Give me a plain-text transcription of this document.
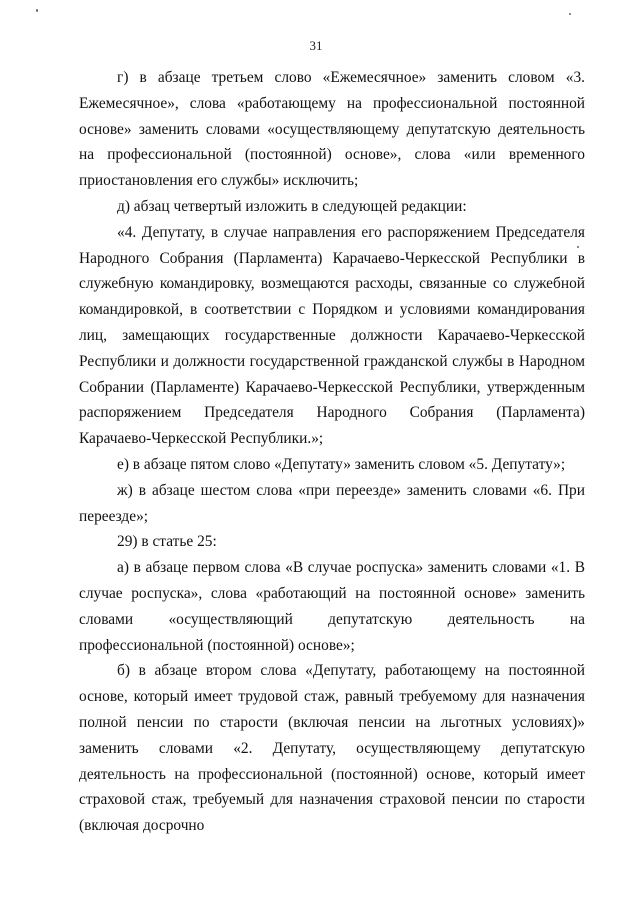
31

г) в абзаце третьем слово «Ежемесячное» заменить словом «3. Ежемесячное», слова «работающему на профессиональной постоянной основе» заменить словами «осуществляющему депутатскую деятельность на профессиональной (постоянной) основе», слова «или временного приостановления его службы» исключить;

д) абзац четвертый изложить в следующей редакции:

«4. Депутату, в случае направления его распоряжением Председателя Народного Собрания (Парламента) Карачаево-Черкесской Республики в служебную командировку, возмещаются расходы, связанные со служебной командировкой, в соответствии с Порядком и условиями командирования лиц, замещающих государственные должности Карачаево-Черкесской Республики и должности государственной гражданской службы в Народном Собрании (Парламенте) Карачаево-Черкесской Республики, утвержденным распоряжением Председателя Народного Собрания (Парламента) Карачаево-Черкесской Республики.»;

е) в абзаце пятом слово «Депутату» заменить словом «5. Депутату»;

ж) в абзаце шестом слова «при переезде» заменить словами «6. При переезде»;

29) в статье 25:

а) в абзаце первом слова «В случае роспуска» заменить словами «1. В случае роспуска», слова «работающий на постоянной основе» заменить словами «осуществляющий депутатскую деятельность на профессиональной (постоянной) основе»;

б) в абзаце втором слова «Депутату, работающему на постоянной основе, который имеет трудовой стаж, равный требуемому для назначения полной пенсии по старости (включая пенсии на льготных условиях)» заменить словами «2. Депутату, осуществляющему депутатскую деятельность на профессиональной (постоянной) основе, который имеет страховой стаж, требуемый для назначения страховой пенсии по старости (включая досрочно
